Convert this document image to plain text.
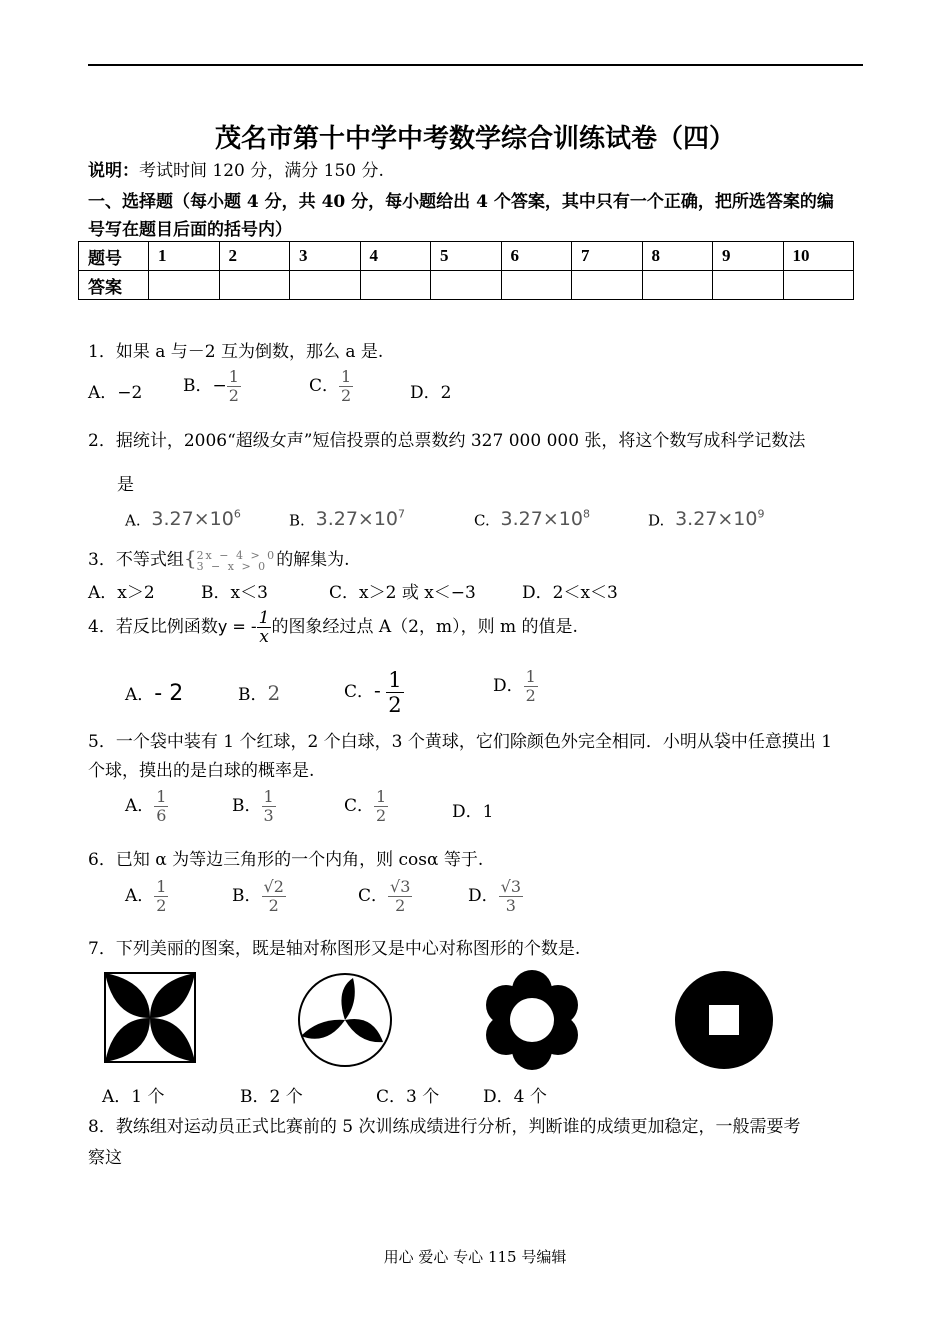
茂名市第十中学中考数学综合训练试卷（四）
说明：考试时间 120 分，满分 150 分.
一、选择题（每小题 4 分，共 40 分，每小题给出 4 个答案，其中只有一个正确，把所选答案的编
号写在题目后面的括号内）
题号	1	2	3	4	5	6	7	8	9	10
答案										
1．如果 a 与－2 互为倒数，那么 a 是.
A．−2 B．− $\frac{1}{2}$	C． $\frac{1}{2}$	D．2
2．据统计，2006“超级女声”短信投票的总票数约 327 000 000 张，将这个数写成科学记数法
是
A. $3.27\times 10^6$	B. $3.27\times 10^7$	C. $3.27\times 10^8$	D. $3.27\times 10^9$
3．不等式组{ 2x − 4 > 0
3 − x > 0 的解集为.
A．x＞2	B．x＜3	C．x＞2 或 x＜−3	D．2＜x＜3
4．若反比例函数y = - $\frac{1}{x}$ 的图象经过点 A（2，m），则 m 的值是.
A．- 2	B．2	C．- $\frac{1}{2}$	D． $\frac{1}{2}$
5．一个袋中装有 1 个红球，2 个白球，3 个黄球，它们除颜色外完全相同．小明从袋中任意摸出 1
个球，摸出的是白球的概率是.
A． $\frac{1}{6}$	B． $\frac{1}{3}$	C． $\frac{1}{2}$	D．1
6．已知 α 为等边三角形的一个内角，则 cosα 等于.
A． $\frac{1}{2}$	B． $\frac{√2}{2}$	C． $\frac{√3}{2}$	D． $\frac{√3}{3}$
7．下列美丽的图案，既是轴对称图形又是中心对称图形的个数是.
A．1 个	B．2 个	C．3 个	D．4 个
8．教练组对运动员正式比赛前的 5 次训练成绩进行分析，判断谁的成绩更加稳定，一般需要考
察这
用心 爱心 专心 115 号编辑
